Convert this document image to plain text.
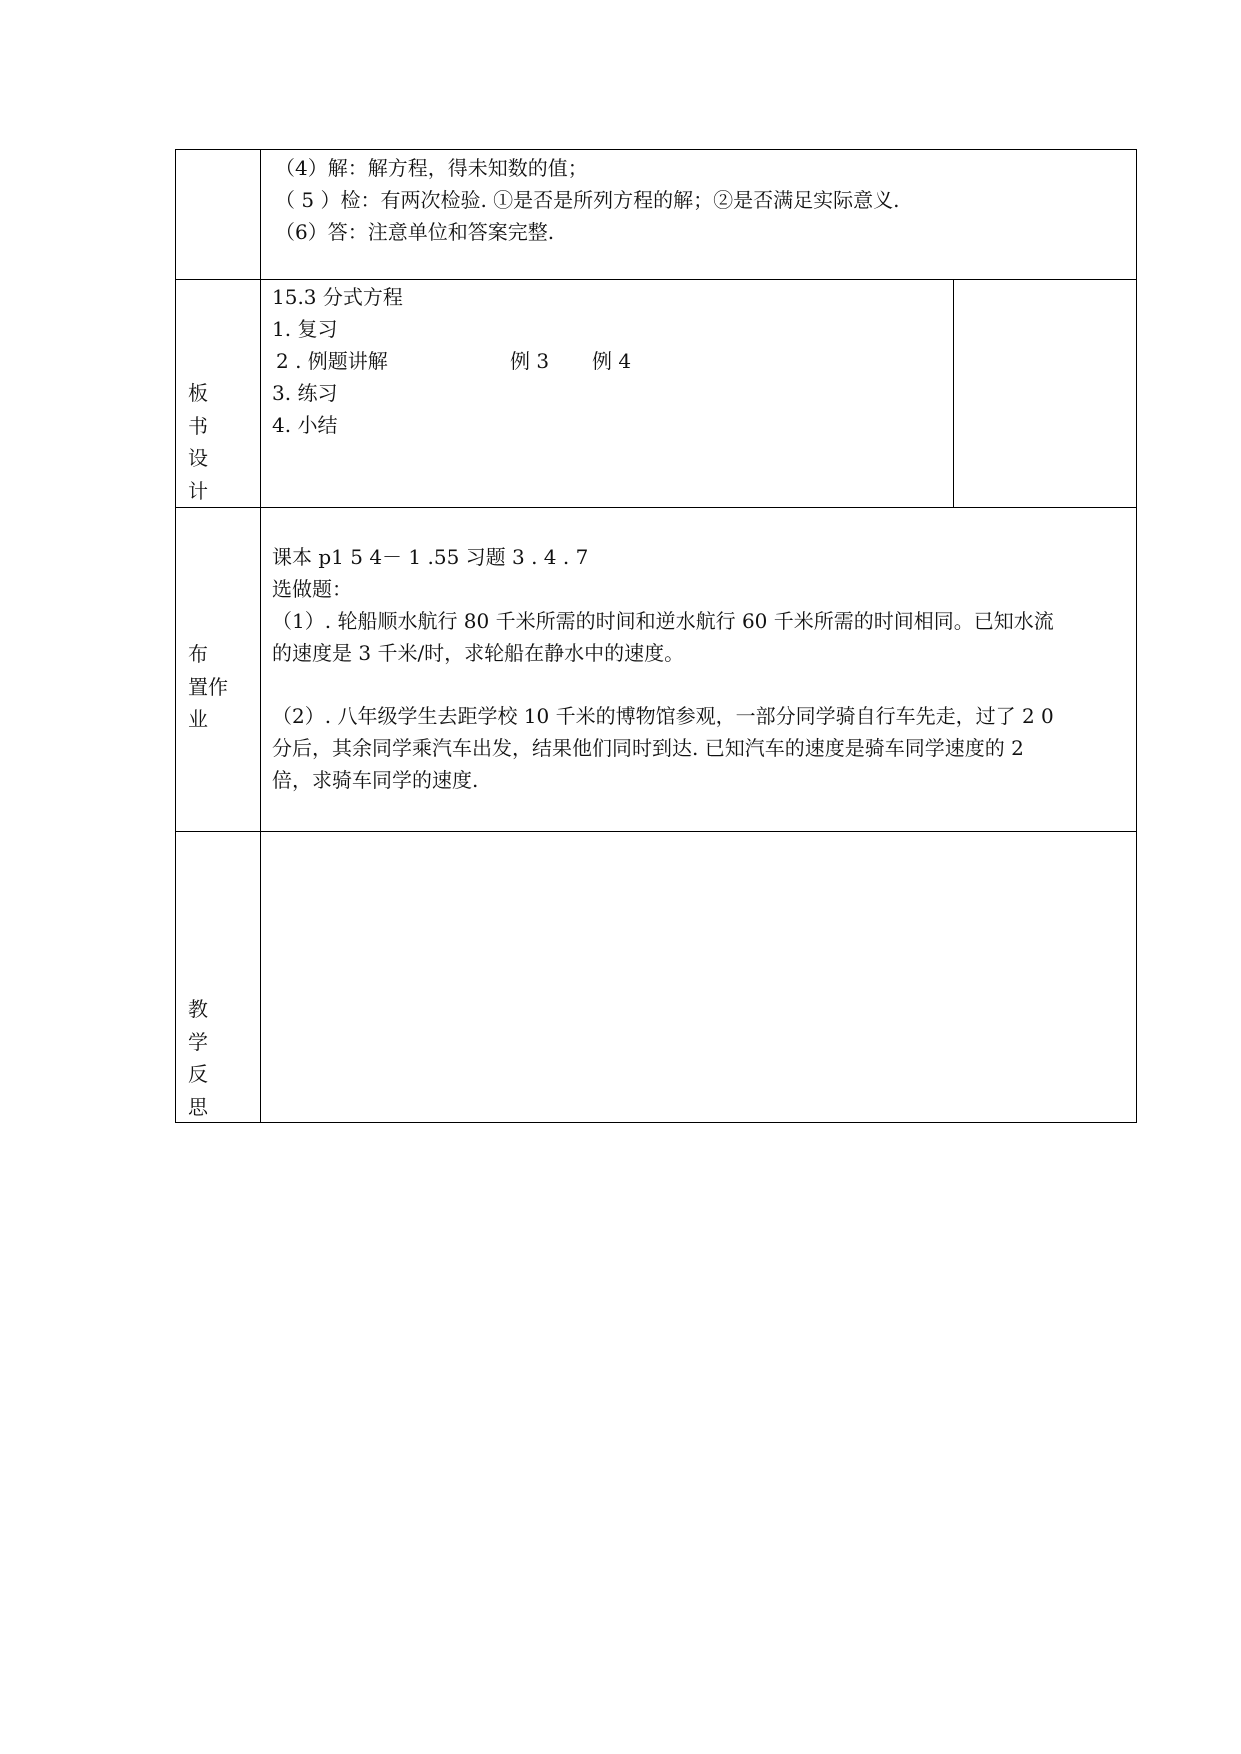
（4）解：解方程，得未知数的值；
（ 5 ）检：有两次检验. ①是否是所列方程的解；②是否满足实际意义.
（6）答：注意单位和答案完整.
板
书
设
计
15.3 分式方程
1. 复习
2 . 例题讲解	例 3 例 4
3. 练习
4. 小结
布
置作
业
课本 p1 5 4－ 1 .55 习题 3 . 4 . 7
选做题：
（1）. 轮船顺水航行 80 千米所需的时间和逆水航行 60 千米所需的时间相同。已知水流
的速度是 3 千米/时，求轮船在静水中的速度。
（2）. 八年级学生去距学校 10 千米的博物馆参观，一部分同学骑自行车先走，过了 2 0
分后，其余同学乘汽车出发，结果他们同时到达. 已知汽车的速度是骑车同学速度的 2
倍，求骑车同学的速度.
教
学
反
思
